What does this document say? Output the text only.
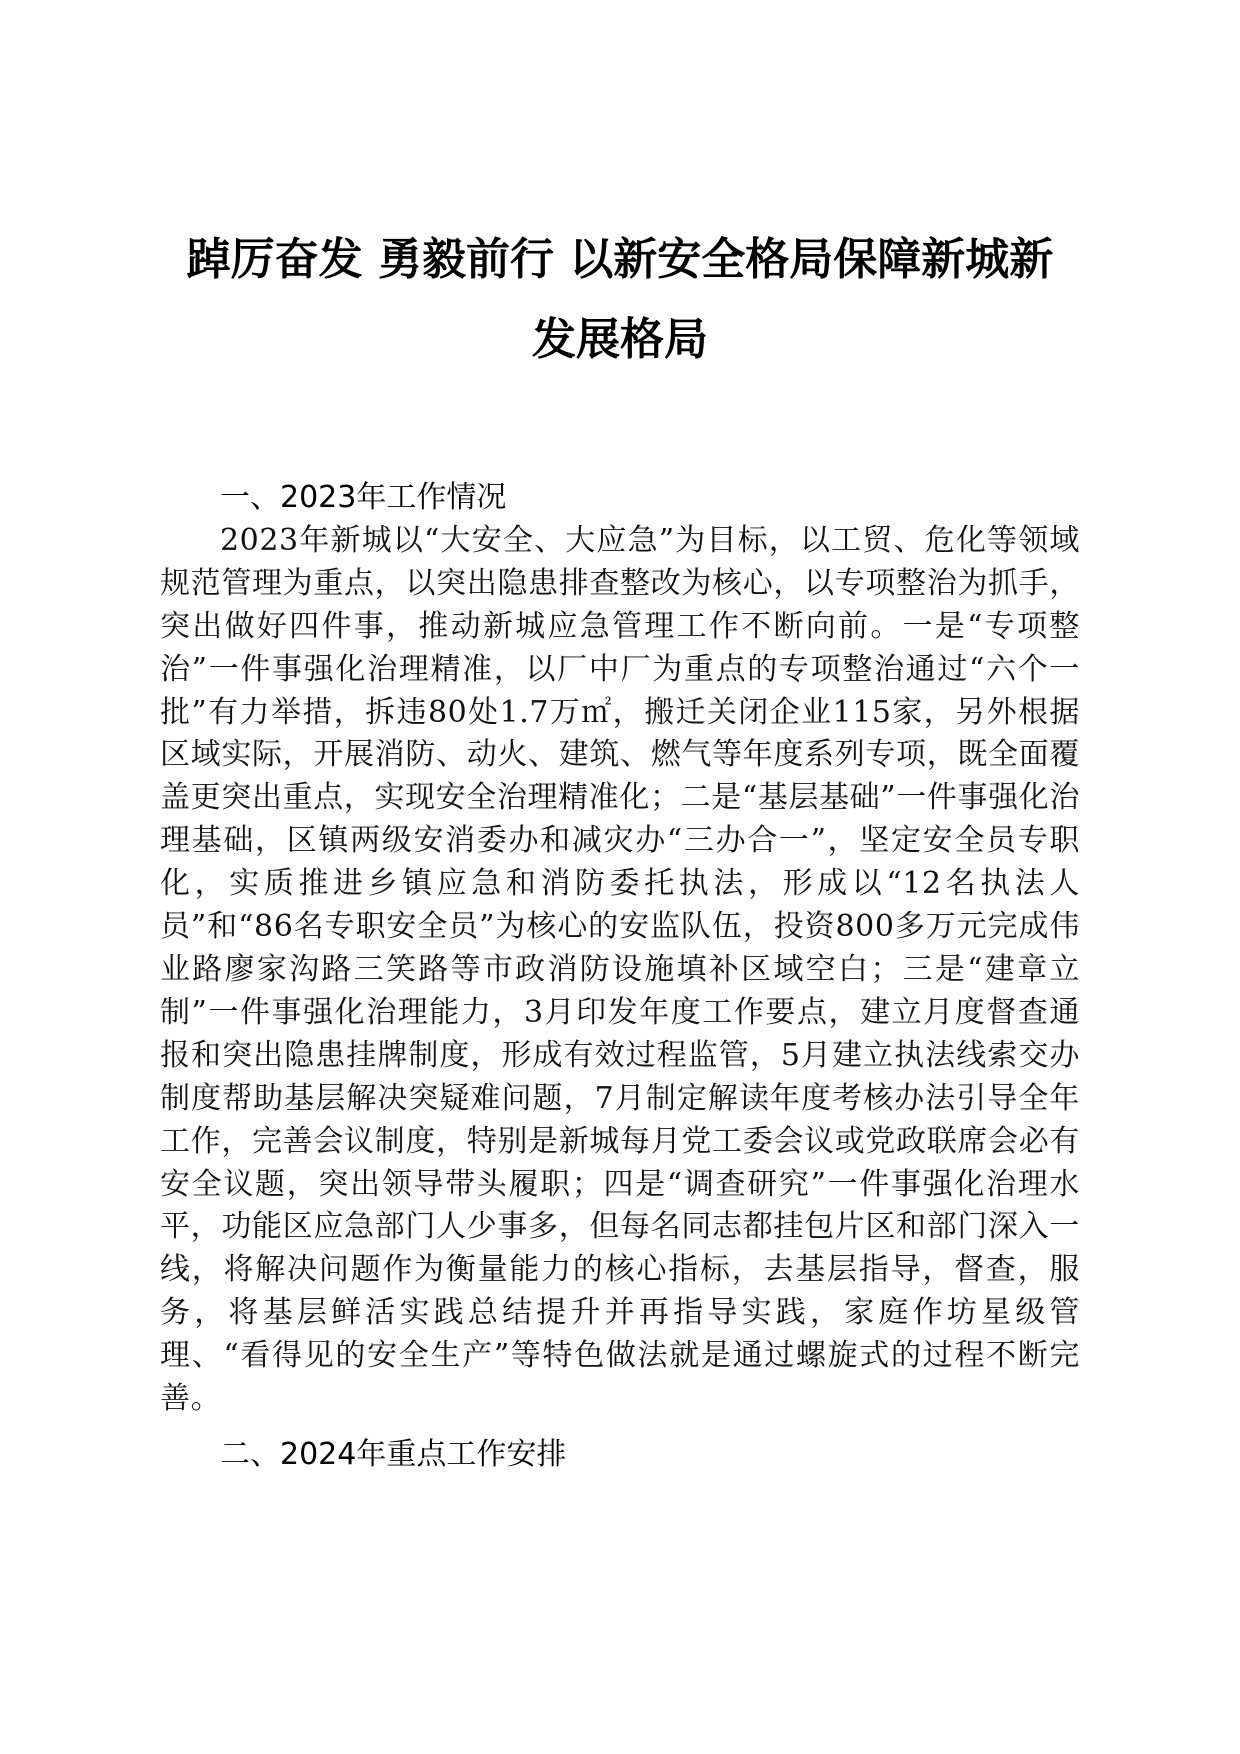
踔厉奋发 勇毅前行 以新安全格局保障新城新
发展格局
一、2023年工作情况

2023年新城以“大安全、大应急”为目标，以工贸、危化等领域规范管理为重点，以突出隐患排查整改为核心，以专项整治为抓手，突出做好四件事，推动新城应急管理工作不断向前。一是“专项整治”一件事强化治理精准，以厂中厂为重点的专项整治通过“六个一批”有力举措，拆违80处1.7万㎡，搬迁关闭企业115家，另外根据区域实际，开展消防、动火、建筑、燃气等年度系列专项，既全面覆盖更突出重点，实现安全治理精准化；二是“基层基础”一件事强化治理基础，区镇两级安消委办和减灾办“三办合一”，坚定安全员专职化，实质推进乡镇应急和消防委托执法，形成以“12名执法人员”和“86名专职安全员”为核心的安监队伍，投资800多万元完成伟业路廖家沟路三笑路等市政消防设施填补区域空白；三是“建章立制”一件事强化治理能力，3月印发年度工作要点，建立月度督查通报和突出隐患挂牌制度，形成有效过程监管，5月建立执法线索交办制度帮助基层解决突疑难问题，7月制定解读年度考核办法引导全年工作，完善会议制度，特别是新城每月党工委会议或党政联席会必有安全议题，突出领导带头履职；四是“调查研究”一件事强化治理水平，功能区应急部门人少事多，但每名同志都挂包片区和部门深入一线，将解决问题作为衡量能力的核心指标，去基层指导，督查，服务，将基层鲜活实践总结提升并再指导实践，家庭作坊星级管理、“看得见的安全生产”等特色做法就是通过螺旋式的过程不断完善。

二、2024年重点工作安排
